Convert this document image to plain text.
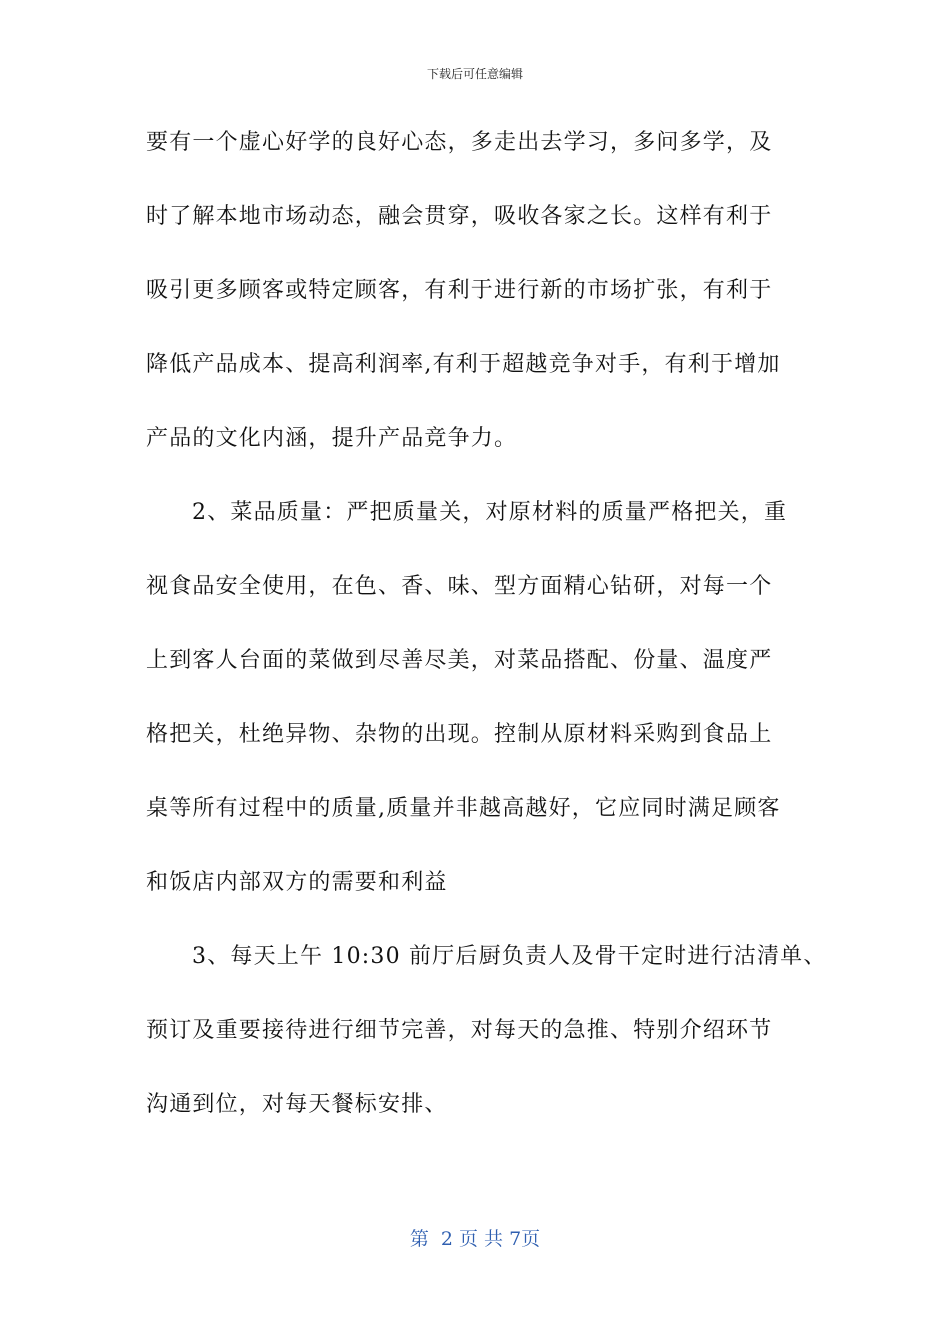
下载后可任意编辑
要有一个虚心好学的良好心态，多走出去学习，多问多学，及
时了解本地市场动态，融会贯穿，吸收各家之长。这样有利于
吸引更多顾客或特定顾客，有利于进行新的市场扩张，有利于
降低产品成本、提高利润率,有利于超越竞争对手，有利于增加
产品的文化内涵，提升产品竞争力。
2、菜品质量：严把质量关，对原材料的质量严格把关，重
视食品安全使用，在色、香、味、型方面精心钻研，对每一个
上到客人台面的菜做到尽善尽美，对菜品搭配、份量、温度严
格把关，杜绝异物、杂物的出现。控制从原材料采购到食品上
桌等所有过程中的质量,质量并非越高越好，它应同时满足顾客
和饭店内部双方的需要和利益
3、每天上午 10:30 前厅后厨负责人及骨干定时进行沽清单、
预订及重要接待进行细节完善，对每天的急推、特别介绍环节
沟通到位，对每天餐标安排、
第  2 页 共 7页
